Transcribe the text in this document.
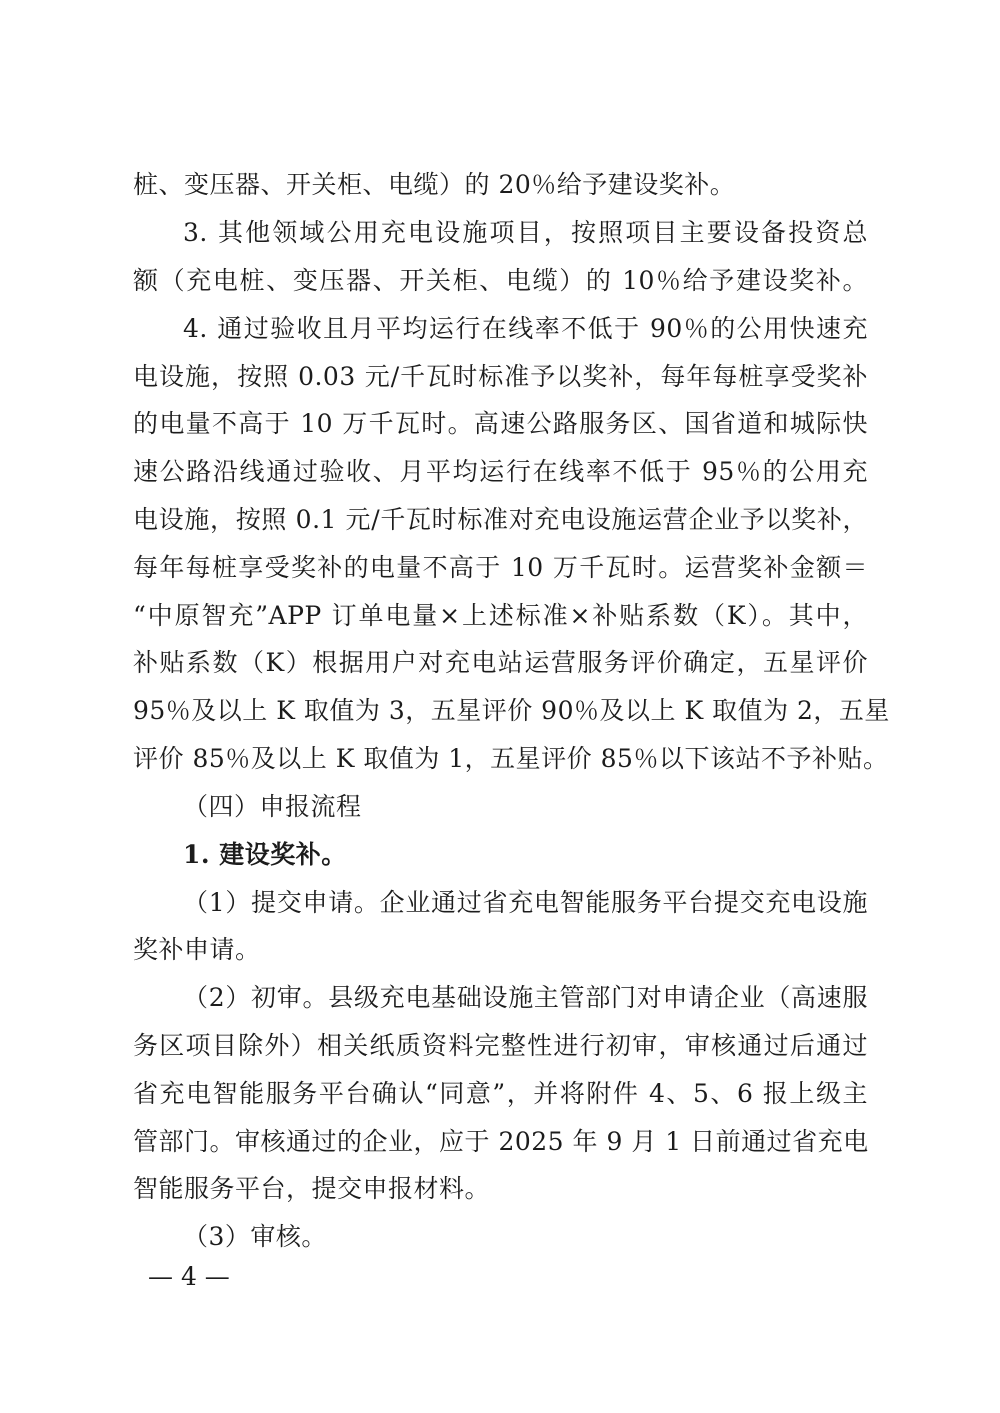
桩、变压器、开关柜、电缆）的 20％给予建设奖补。
3. 其他领域公用充电设施项目，按照项目主要设备投资总
额（充电桩、变压器、开关柜、电缆）的 10％给予建设奖补。
4. 通过验收且月平均运行在线率不低于 90％的公用快速充
电设施，按照 0.03 元/千瓦时标准予以奖补，每年每桩享受奖补
的电量不高于 10 万千瓦时。高速公路服务区、国省道和城际快
速公路沿线通过验收、月平均运行在线率不低于 95％的公用充
电设施，按照 0.1 元/千瓦时标准对充电设施运营企业予以奖补，
每年每桩享受奖补的电量不高于 10 万千瓦时。运营奖补金额＝
“中原智充”APP 订单电量×上述标准×补贴系数（K）。其中，
补贴系数（K）根据用户对充电站运营服务评价确定，五星评价
95％及以上 K 取值为 3，五星评价 90％及以上 K 取值为 2，五星
评价 85％及以上 K 取值为 1，五星评价 85％以下该站不予补贴。
（四）申报流程
1. 建设奖补。
（1）提交申请。企业通过省充电智能服务平台提交充电设施
奖补申请。
（2）初审。县级充电基础设施主管部门对申请企业（高速服
务区项目除外）相关纸质资料完整性进行初审，审核通过后通过
省充电智能服务平台确认“同意”，并将附件 4、5、6 报上级主
管部门。审核通过的企业，应于 2025 年 9 月 1 日前通过省充电
智能服务平台，提交申报材料。
（3）审核。
— 4 —
